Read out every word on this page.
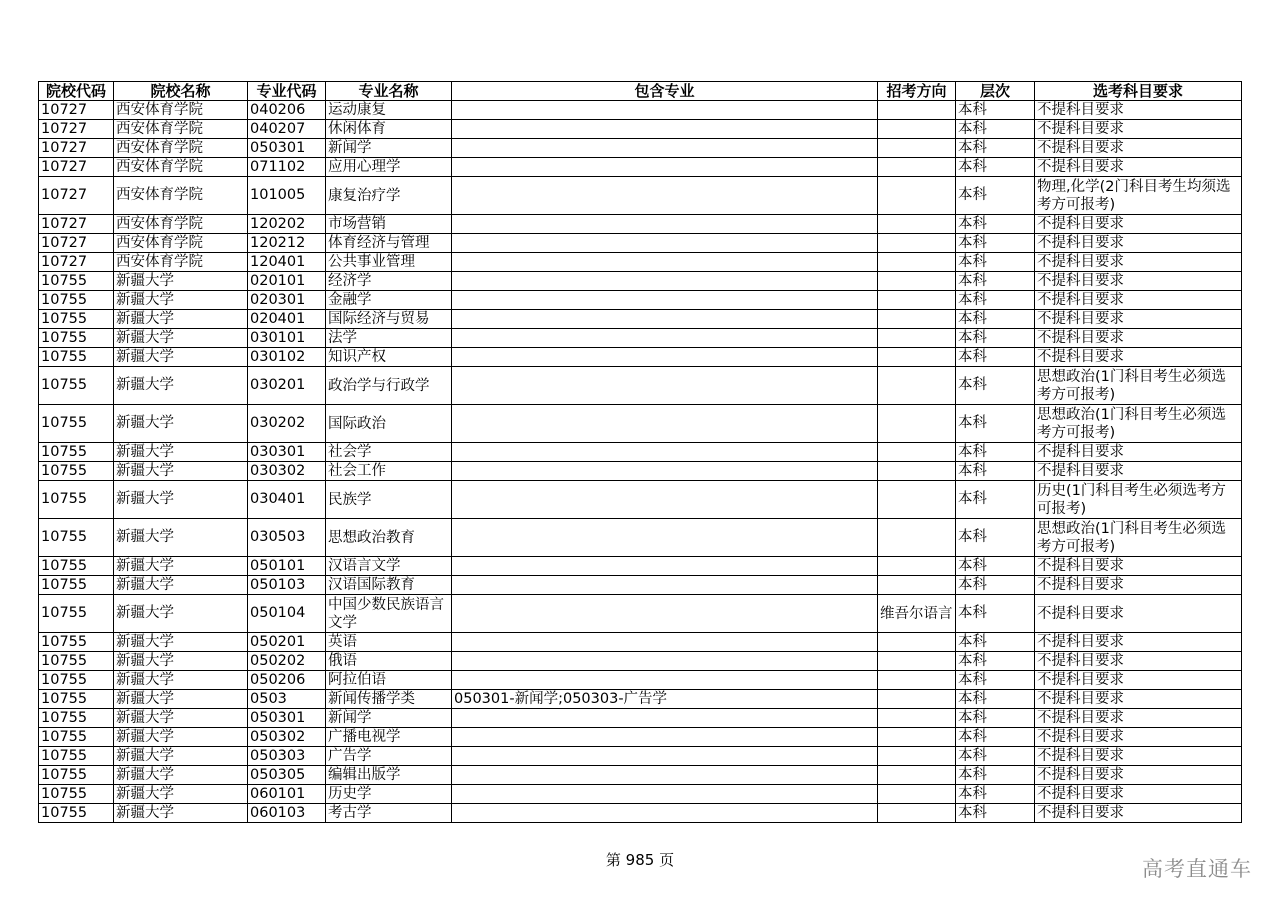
院校代码	院校名称	专业代码	专业名称	包含专业	招考方向	层次	选考科目要求
10727	西安体育学院	040206	运动康复			本科	不提科目要求
10727	西安体育学院	040207	休闲体育			本科	不提科目要求
10727	西安体育学院	050301	新闻学			本科	不提科目要求
10727	西安体育学院	071102	应用心理学			本科	不提科目要求
10727	西安体育学院	101005	康复治疗学			本科	物理,化学(2门科目考生均须选考方可报考)
10727	西安体育学院	120202	市场营销			本科	不提科目要求
10727	西安体育学院	120212	体育经济与管理			本科	不提科目要求
10727	西安体育学院	120401	公共事业管理			本科	不提科目要求
10755	新疆大学	020101	经济学			本科	不提科目要求
10755	新疆大学	020301	金融学			本科	不提科目要求
10755	新疆大学	020401	国际经济与贸易			本科	不提科目要求
10755	新疆大学	030101	法学			本科	不提科目要求
10755	新疆大学	030102	知识产权			本科	不提科目要求
10755	新疆大学	030201	政治学与行政学			本科	思想政治(1门科目考生必须选考方可报考)
10755	新疆大学	030202	国际政治			本科	思想政治(1门科目考生必须选考方可报考)
10755	新疆大学	030301	社会学			本科	不提科目要求
10755	新疆大学	030302	社会工作			本科	不提科目要求
10755	新疆大学	030401	民族学			本科	历史(1门科目考生必须选考方可报考)
10755	新疆大学	030503	思想政治教育			本科	思想政治(1门科目考生必须选考方可报考)
10755	新疆大学	050101	汉语言文学			本科	不提科目要求
10755	新疆大学	050103	汉语国际教育			本科	不提科目要求
10755	新疆大学	050104	中国少数民族语言文学		维吾尔语言	本科	不提科目要求
10755	新疆大学	050201	英语			本科	不提科目要求
10755	新疆大学	050202	俄语			本科	不提科目要求
10755	新疆大学	050206	阿拉伯语			本科	不提科目要求
10755	新疆大学	0503	新闻传播学类	050301-新闻学;050303-广告学		本科	不提科目要求
10755	新疆大学	050301	新闻学			本科	不提科目要求
10755	新疆大学	050302	广播电视学			本科	不提科目要求
10755	新疆大学	050303	广告学			本科	不提科目要求
10755	新疆大学	050305	编辑出版学			本科	不提科目要求
10755	新疆大学	060101	历史学			本科	不提科目要求
10755	新疆大学	060103	考古学			本科	不提科目要求
第 985 页	高考直通车
